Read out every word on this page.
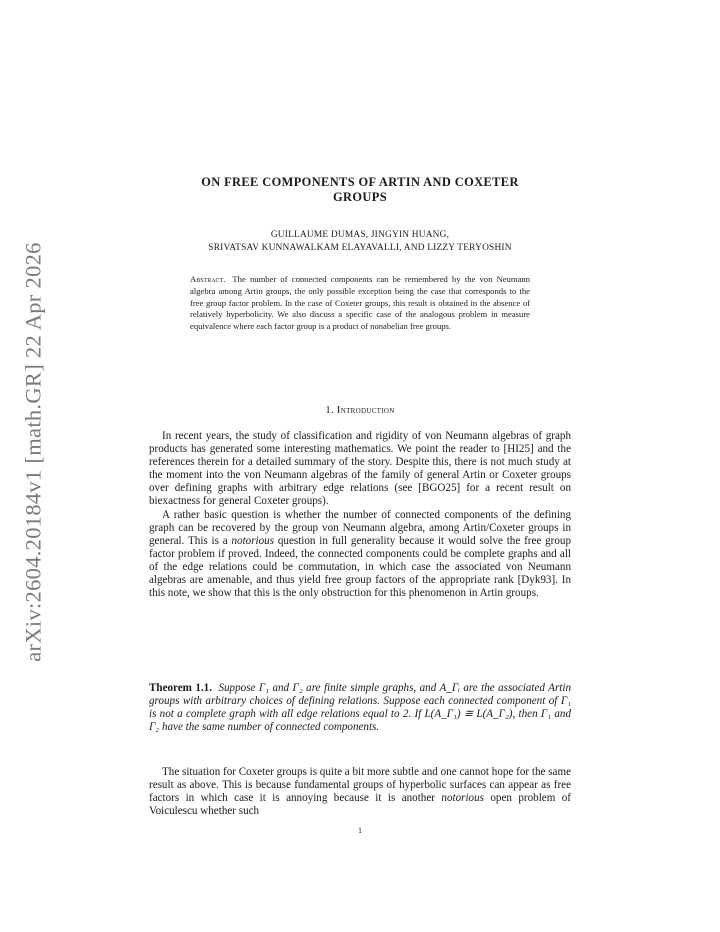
arXiv:2604.20184v1 [math.GR] 22 Apr 2026
ON FREE COMPONENTS OF ARTIN AND COXETER
GROUPS
GUILLAUME DUMAS, JINGYIN HUANG,
SRIVATSAV KUNNAWALKAM ELAYAVALLI, AND LIZZY TERYOSHIN
Abstract. The number of connected components can be remembered by the von Neumann algebra among Artin groups, the only possible exception being the case that corresponds to the free group factor problem. In the case of Coxeter groups, this result is obtained in the absence of relatively hyperbolicity. We also discuss a specific case of the analogous problem in measure equivalence where each factor group is a product of nonabelian free groups.
1. Introduction

In recent years, the study of classification and rigidity of von Neumann algebras of graph products has generated some interesting mathematics. We point the reader to [HI25] and the references therein for a detailed summary of the story. Despite this, there is not much study at the moment into the von Neumann algebras of the family of general Artin or Coxeter groups over defining graphs with arbitrary edge relations (see [BGO25] for a recent result on biexactness for general Coxeter groups).

A rather basic question is whether the number of connected components of the defining graph can be recovered by the group von Neumann algebra, among Artin/Coxeter groups in general. This is a notorious question in full generality because it would solve the free group factor problem if proved. Indeed, the connected components could be complete graphs and all of the edge relations could be commutation, in which case the associated von Neumann algebras are amenable, and thus yield free group factors of the appropriate rank [Dyk93]. In this note, we show that this is the only obstruction for this phenomenon in Artin groups.

Theorem 1.1. Suppose Γ₁ and Γ₂ are finite simple graphs, and A_Γᵢ are the associated Artin groups with arbitrary choices of defining relations. Suppose each connected component of Γ₁ is not a complete graph with all edge relations equal to 2. If L(A_Γ₁) ≅ L(A_Γ₂), then Γ₁ and Γ₂ have the same number of connected components.

The situation for Coxeter groups is quite a bit more subtle and one cannot hope for the same result as above. This is because fundamental groups of hyperbolic surfaces can appear as free factors in which case it is annoying because it is another notorious open problem of Voiculescu whether such

1
